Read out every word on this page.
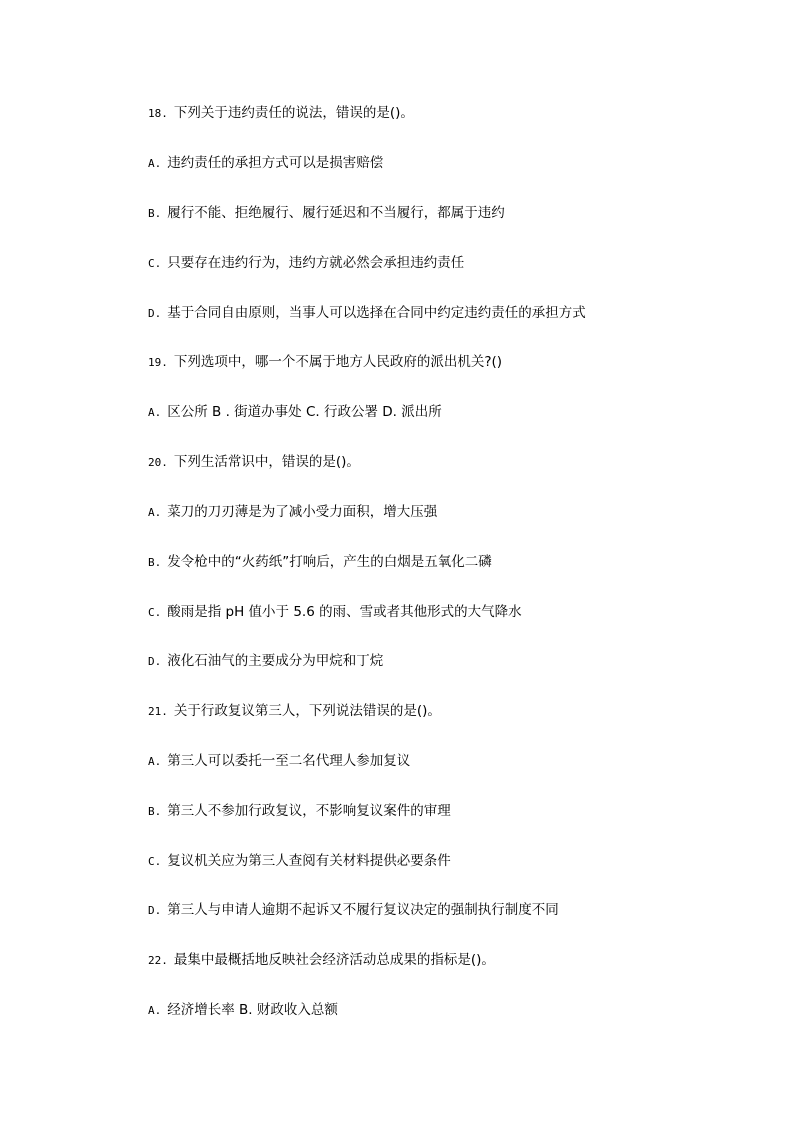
18. 下列关于违约责任的说法，错误的是()。
A. 违约责任的承担方式可以是损害赔偿
B. 履行不能、拒绝履行、履行延迟和不当履行，都属于违约
C. 只要存在违约行为，违约方就必然会承担违约责任
D. 基于合同自由原则，当事人可以选择在合同中约定违约责任的承担方式
19. 下列选项中，哪一个不属于地方人民政府的派出机关?()
A. 区公所 B . 街道办事处 C. 行政公署 D. 派出所
20. 下列生活常识中，错误的是()。
A. 菜刀的刀刃薄是为了减小受力面积，增大压强
B. 发令枪中的“火药纸”打响后，产生的白烟是五氧化二磷
C. 酸雨是指 pH 值小于 5.6 的雨、雪或者其他形式的大气降水
D. 液化石油气的主要成分为甲烷和丁烷
21. 关于行政复议第三人，下列说法错误的是()。
A. 第三人可以委托一至二名代理人参加复议
B. 第三人不参加行政复议，不影响复议案件的审理
C. 复议机关应为第三人查阅有关材料提供必要条件
D. 第三人与申请人逾期不起诉又不履行复议决定的强制执行制度不同
22. 最集中最概括地反映社会经济活动总成果的指标是()。
A. 经济增长率 B. 财政收入总额
